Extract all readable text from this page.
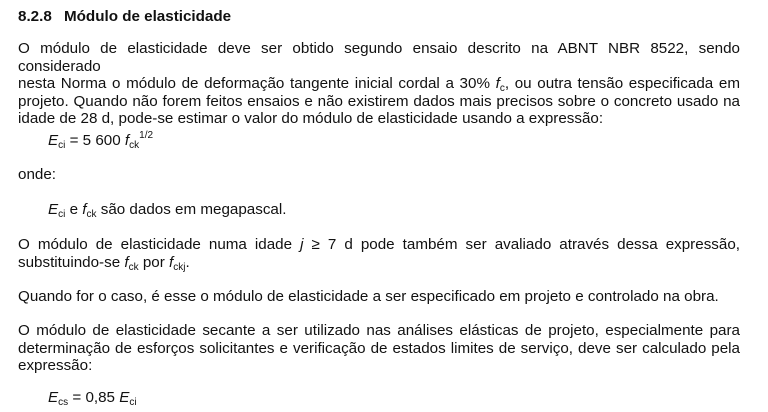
8.2.8 Módulo de elasticidade
O módulo de elasticidade deve ser obtido segundo ensaio descrito na ABNT NBR 8522, sendo considerado
nesta Norma o módulo de deformação tangente inicial cordal a 30% $f_c$, ou outra tensão especificada em
projeto. Quando não forem feitos ensaios e não existirem dados mais precisos sobre o concreto usado na
idade de 28 d, pode-se estimar o valor do módulo de elasticidade usando a expressão:
$E_{ci} = 5$ 600 $f_{ck}^{1/2}$
onde:
$E_{ci}$ e $f_{ck}$ são dados em megapascal.
O módulo de elasticidade numa idade j ≥ 7 d pode também ser avaliado através dessa expressão,
substituindo-se $f_{ck}$ por $f_{ckj}$.
Quando for o caso, é esse o módulo de elasticidade a ser especificado em projeto e controlado na obra.
O módulo de elasticidade secante a ser utilizado nas análises elásticas de projeto, especialmente para
determinação de esforços solicitantes e verificação de estados limites de serviço, deve ser calculado pela
expressão:
$E_{cs} = 0,85$ $E_{ci}$
